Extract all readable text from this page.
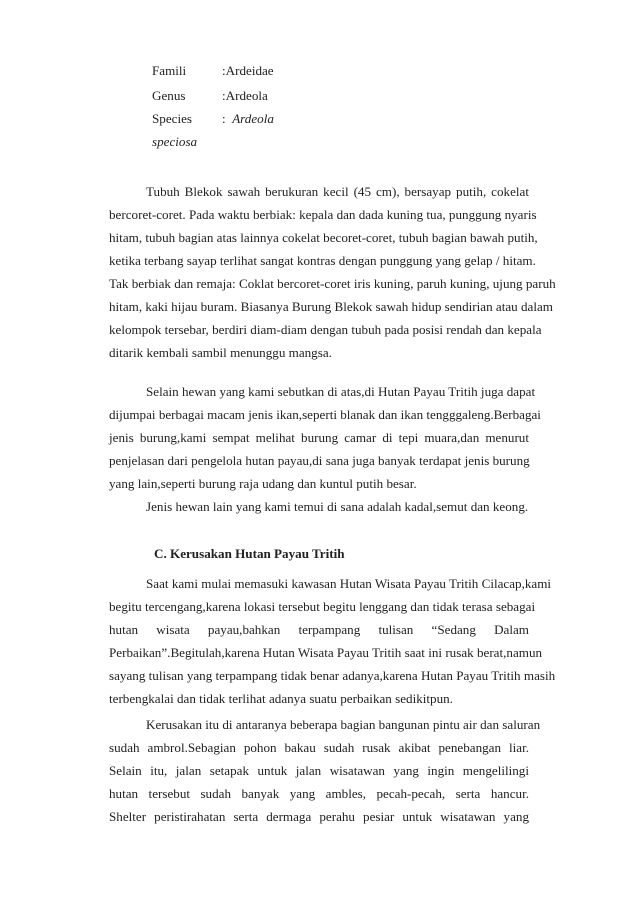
Famili	:Ardeidae
Genus	:Ardeola
Species :  Ardeola
speciosa
Tubuh Blekok sawah berukuran kecil (45 cm), bersayap putih, cokelat
bercoret-coret. Pada waktu berbiak: kepala dan dada kuning tua, punggung nyaris
hitam, tubuh bagian atas lainnya cokelat becoret-coret, tubuh bagian bawah putih,
ketika terbang sayap terlihat sangat kontras dengan punggung yang gelap / hitam.
Tak berbiak dan remaja: Coklat bercoret-coret iris kuning, paruh kuning, ujung paruh
hitam, kaki hijau buram. Biasanya Burung Blekok sawah hidup sendirian atau dalam
kelompok tersebar, berdiri diam-diam dengan tubuh pada posisi rendah dan kepala
ditarik kembali sambil menunggu mangsa.
Selain hewan yang kami sebutkan di atas,di Hutan Payau Tritih juga dapat
dijumpai berbagai macam jenis ikan,seperti blanak dan ikan tengggaleng.Berbagai
jenis burung,kami sempat melihat burung camar di tepi muara,dan menurut
penjelasan dari pengelola hutan payau,di sana juga banyak terdapat jenis burung
yang lain,seperti burung raja udang dan kuntul putih besar.
Jenis hewan lain yang kami temui di sana adalah kadal,semut dan keong.
C. Kerusakan Hutan Payau Tritih
Saat kami mulai memasuki kawasan Hutan Wisata Payau Tritih Cilacap,kami
begitu tercengang,karena lokasi tersebut begitu lenggang dan tidak terasa sebagai
hutan wisata payau,bahkan terpampang tulisan “Sedang Dalam
Perbaikan”.Begitulah,karena Hutan Wisata Payau Tritih saat ini rusak berat,namun
sayang tulisan yang terpampang tidak benar adanya,karena Hutan Payau Tritih masih
terbengkalai dan tidak terlihat adanya suatu perbaikan sedikitpun.
Kerusakan itu di antaranya beberapa bagian bangunan pintu air dan saluran
sudah ambrol.Sebagian pohon bakau sudah rusak akibat penebangan liar.
Selain itu, jalan setapak untuk jalan wisatawan yang ingin mengelilingi
hutan tersebut sudah banyak yang ambles, pecah-pecah, serta hancur.
Shelter peristirahatan serta dermaga perahu pesiar untuk wisatawan yang
